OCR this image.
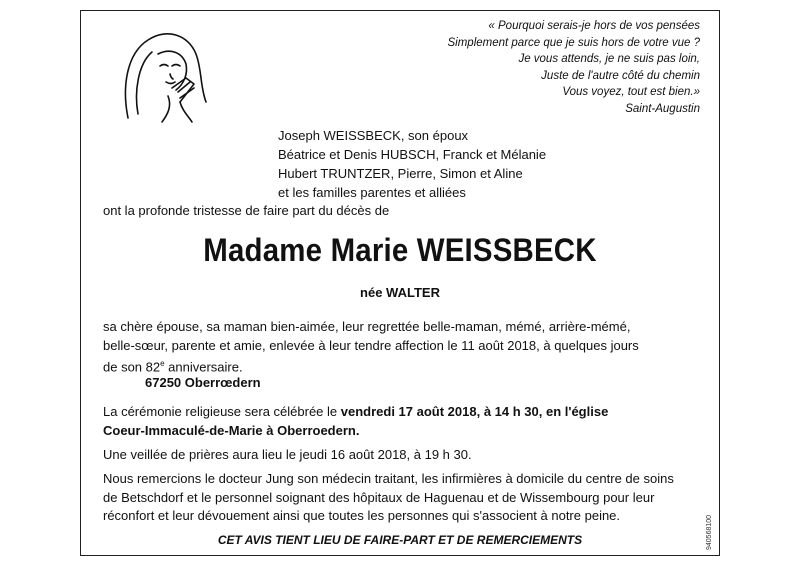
« Pourquoi serais-je hors de vos pensées

Simplement parce que je suis hors de votre vue ?

Je vous attends, je ne suis pas loin,

Juste de l'autre côté du chemin

Vous voyez, tout est bien.»

Saint-Augustin

Joseph WEISSBECK, son époux

Béatrice et Denis HUBSCH, Franck et Mélanie

Hubert TRUNTZER, Pierre, Simon et Aline

et les familles parentes et alliées

ont la profonde tristesse de faire part du décès de
Madame Marie WEISSBECK
née WALTER
sa chère épouse, sa maman bien-aimée, leur regrettée belle-maman, mémé, arrière-mémé,
belle-sœur, parente et amie, enlevée à leur tendre affection le 11 août 2018, à quelques jours
de son 82e anniversaire.
67250 Oberrœdern
La cérémonie religieuse sera célébrée le vendredi 17 août 2018, à 14 h 30, en l'église
Coeur-Immaculé-de-Marie à Oberroedern.
Une veillée de prières aura lieu le jeudi 16 août 2018, à 19 h 30.
Nous remercions le docteur Jung son médecin traitant, les infirmières à domicile du centre de soins
de Betschdorf et le personnel soignant des hôpitaux de Haguenau et de Wissembourg pour leur
réconfort et leur dévouement ainsi que toutes les personnes qui s'associent à notre peine.
CET AVIS TIENT LIEU DE FAIRE-PART ET DE REMERCIEMENTS	940568100
